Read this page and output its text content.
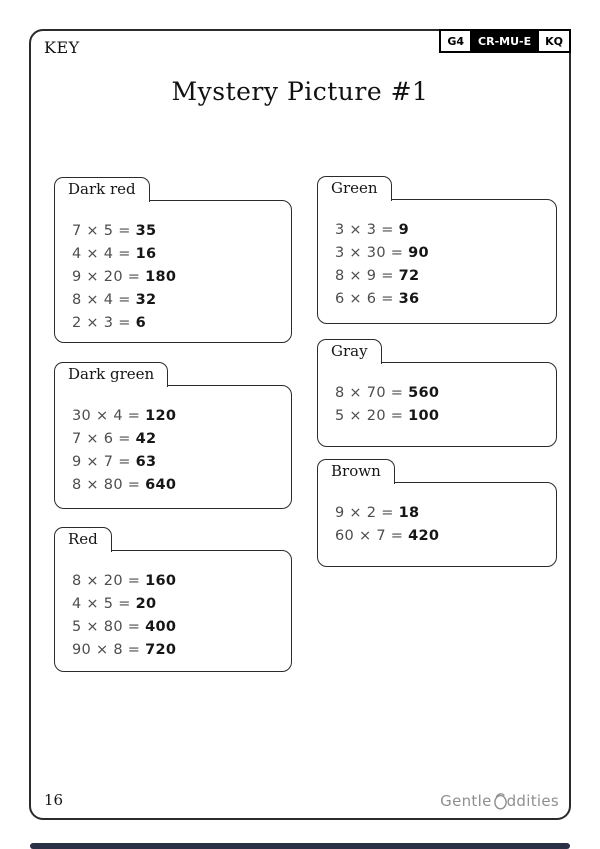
KEY	G4	CR-MU-E	KQ
Mystery Picture #1
Dark red
7 × 5 = 35
4 × 4 = 16
9 × 20 = 180
8 × 4 = 32
2 × 3 = 6
Dark green
30 × 4 = 120
7 × 6 = 42
9 × 7 = 63
8 × 80 = 640
Red
8 × 20 = 160
4 × 5 = 20
5 × 80 = 400
90 × 8 = 720
Green
3 × 3 = 9
3 × 30 = 90
8 × 9 = 72
6 × 6 = 36
Gray
8 × 70 = 560
5 × 20 = 100
Brown
9 × 2 = 18
60 × 7 = 420
16	Gentle ddities
